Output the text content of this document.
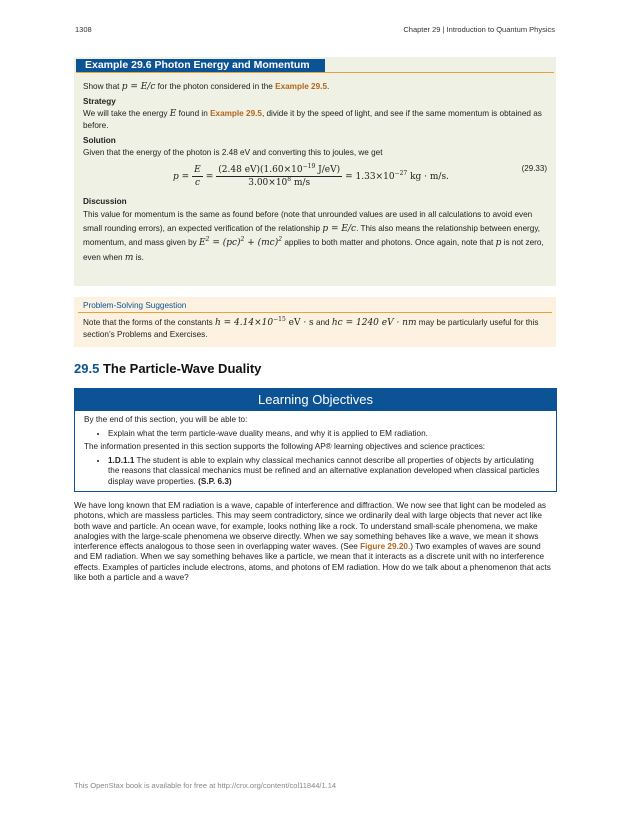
1308	Chapter 29 | Introduction to Quantum Physics
Example 29.6 Photon Energy and Momentum

Show that p = E/c for the photon considered in the Example 29.5.

Strategy

We will take the energy E found in Example 29.5, divide it by the speed of light, and see if the same momentum is obtained as before.

Solution

Given that the energy of the photon is 2.48 eV and converting this to joules, we get

$p = \frac{E}{c} = \frac{(2.48 eV)(1.60\times 10^{-19} J/eV)}{3.00\times 10^8 m/s} = 1.33\times 10^{-27}$ kg · m/s.
(29.33)

Discussion

This value for momentum is the same as found before (note that unrounded values are used in all calculations to avoid even small rounding errors), an expected verification of the relationship p = E/c. This also means the relationship between energy, momentum, and mass given by $E^2 = (pc)^2 + (mc)^2$ applies to both matter and photons. Once again, note that p is not zero, even when m is.

Problem-Solving Suggestion
Note that the forms of the constants $h = 4.14\times 10^{-15}$ eV · s and hc = 1240 eV · nm may be particularly useful for this section’s Problems and Exercises.
29.5 The Particle-Wave Duality
Learning Objectives

By the end of this section, you will be able to:

• Explain what the term particle-wave duality means, and why it is applied to EM radiation.

The information presented in this section supports the following AP® learning objectives and science practices:

• 1.D.1.1 The student is able to explain why classical mechanics cannot describe all properties of objects by articulating the reasons that classical mechanics must be refined and an alternative explanation developed when classical particles display wave properties. (S.P. 6.3)

We have long known that EM radiation is a wave, capable of interference and diffraction. We now see that light can be modeled as photons, which are massless particles. This may seem contradictory, since we ordinarily deal with large objects that never act like both wave and particle. An ocean wave, for example, looks nothing like a rock. To understand small-scale phenomena, we make analogies with the large-scale phenomena we observe directly. When we say something behaves like a wave, we mean it shows interference effects analogous to those seen in overlapping water waves. (See Figure 29.20.) Two examples of waves are sound and EM radiation. When we say something behaves like a particle, we mean that it interacts as a discrete unit with no interference effects. Examples of particles include electrons, atoms, and photons of EM radiation. How do we talk about a phenomenon that acts like both a particle and a wave?

This OpenStax book is available for free at http://cnx.org/content/col11844/1.14
